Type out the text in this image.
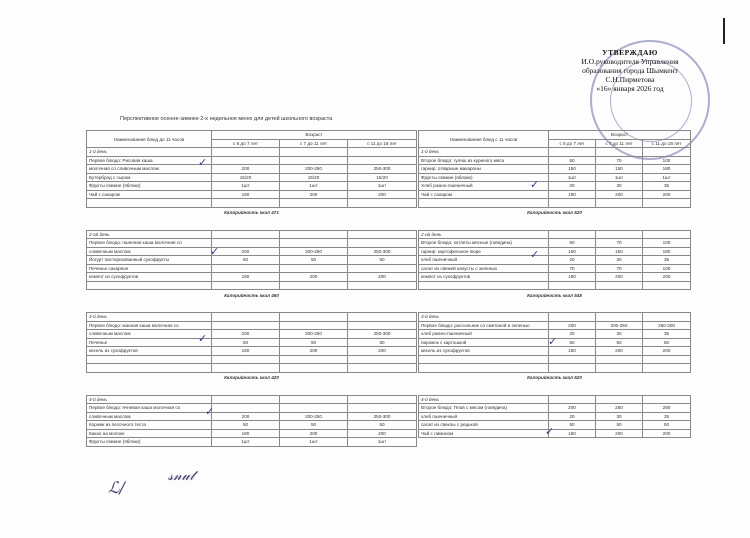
УТВЕРЖДАЮ
И.О.руководителя Управления
образования города Шымкент
С.Н.Пирметова
«16» января 2026 год
Перспективное осенне-зимнее 2-х недельное меню для детей школьного возраста
Наименование блюд до 11 часов	Возраст		
	с 6 до 7 лет	с 7 до 11 лет	с 11 до 18 лет
1-й день			
Первое блюдо: Рисовая каша			
молочная со сливочным маслом	200	200-250	250-300
Бутерброд с сыром	15/20	15/20	15/20
Фрукты свежие (яблоки)	1шт	1шт	1шт
Чай с сахаром	180	200	200

Калорийность ккал 471			

2-ой день			
Первое блюдо: пшенная каша молочная со			
сливочным маслом	200	200-250	250-300
Йогурт пастеризованный сухофрукты	50	50	50
Печенье сахарное			
компот из сухофруктов	180	200	200

Калорийность ккал 460			

3-й день			
Первое блюдо: манная каша молочная со			
сливочным маслом	200	200-250	250-300
Печенье	50	50	50
кисель из сухофруктов	180	200	200

Калорийность ккал 420			

4-й день			
Первое блюдо: ячневая каша молочная со			
сливочным маслом	200	200-250	250-300
Коржик из песочного теста	50	50	50
Какао на молоке	180	200	200
Фрукты свежие (яблоки)	1шт	1шт	1шт
Наименование блюд с 11 часов	Возраст		
	с 6 до 7 лет	с 7 до 11 лет	с 11 до 18 лет
1-й день			
Второе блюдо: гуляш из куриного мяса	50	70	100
гарнир: отварные макароны	150	150	180
Фрукты свежие (яблоки)	1шт	1шт	1шт
Хлеб ржано-пшеничный	20	30	35
Чай с сахаром	180	200	200

Калорийность ккал 520			

2-ой день			
Второе блюдо: котлеты мясные (говядина)	50	70	100
гарнир: картофельное пюре	150	150	180
хлеб пшеничный	20	30	35
салат из свежей капусты с зеленью	70	70	100
компот из сухофруктов	180	200	200

Калорийность ккал 545			

3-й день			
Первое блюдо: рассольник со сметаной и зеленью	200	200-250	250-300
хлеб ржано-пшеничный	20	30	35
пирожок с картошкой	50	50	50
кисель из сухофруктов	180	200	200

Калорийность ккал 520			

4-й день			
Второе блюдо: Плов с мясом (говядина)	200	250	280
хлеб пшеничный	20	30	35
салат из свеклы с редькой	50	50	50
Чай с лимоном	180	200	200
✓
✓
✓	✓
✓	✓
✓
✓
ℒ∕
𝓈𝓃𝓊𝓉
